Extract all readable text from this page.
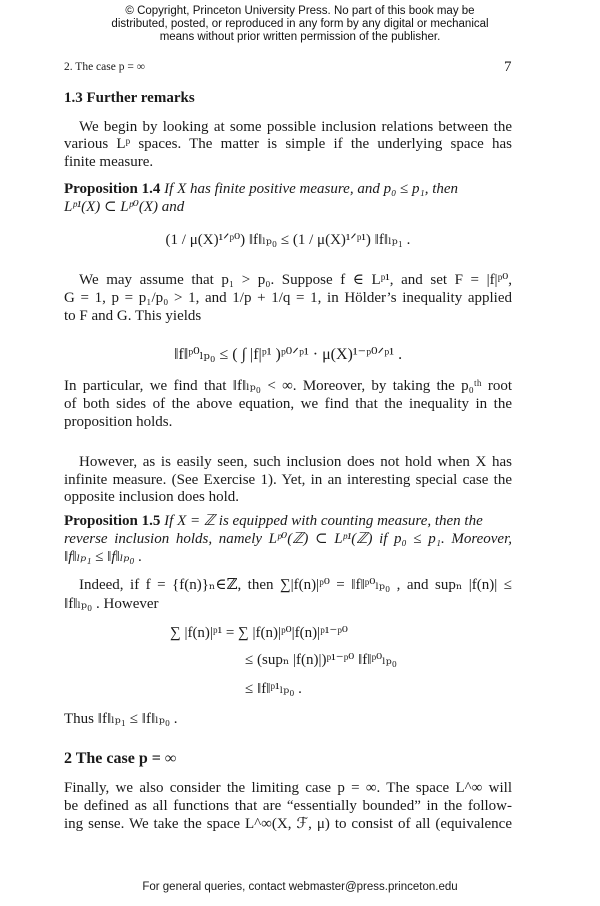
© Copyright, Princeton University Press. No part of this book may be
distributed, posted, or reproduced in any form by any digital or mechanical
means without prior written permission of the publisher.
2. The case p = ∞	7
1.3 Further remarks
We begin by looking at some possible inclusion relations between the
various Lᵖ spaces. The matter is simple if the underlying space has
finite measure.
Proposition 1.4 If X has finite positive measure, and p₀ ≤ p₁, then
Lᵖ¹(X) ⊂ Lᵖ⁰(X) and
(1 / μ(X)¹ᐟᵖ⁰) ‖f‖ₗₚ₀ ≤ (1 / μ(X)¹ᐟᵖ¹) ‖f‖ₗₚ₁ .
We may assume that p₁ > p₀. Suppose f ∈ Lᵖ¹, and set F = |f|ᵖ⁰,
G = 1, p = p₁/p₀ > 1, and 1/p + 1/q = 1, in Hölder’s inequality applied
to F and G. This yields
‖f‖ᵖ⁰ₗₚ₀ ≤ ( ∫ |f|ᵖ¹ )ᵖ⁰ᐟᵖ¹ · μ(X)¹⁻ᵖ⁰ᐟᵖ¹ .
In particular, we find that ‖f‖ₗₚ₀ < ∞. Moreover, by taking the p₀ᵗʰ root
of both sides of the above equation, we find that the inequality in the
proposition holds.
However, as is easily seen, such inclusion does not hold when X has
infinite measure. (See Exercise 1). Yet, in an interesting special case the
opposite inclusion does hold.
Proposition 1.5 If X = ℤ is equipped with counting measure, then the
reverse inclusion holds, namely Lᵖ⁰(ℤ) ⊂ Lᵖ¹(ℤ) if p₀ ≤ p₁. Moreover,
‖f‖ₗₚ₁ ≤ ‖f‖ₗₚ₀ .
Indeed, if f = {f(n)}ₙ∈ℤ, then ∑|f(n)|ᵖ⁰ = ‖f‖ᵖ⁰ₗₚ₀ , and supₙ |f(n)| ≤
‖f‖ₗₚ₀ . However
∑ |f(n)|ᵖ¹ = ∑ |f(n)|ᵖ⁰|f(n)|ᵖ¹⁻ᵖ⁰
≤ (supₙ |f(n)|)ᵖ¹⁻ᵖ⁰ ‖f‖ᵖ⁰ₗₚ₀
≤ ‖f‖ᵖ¹ₗₚ₀ .
Thus ‖f‖ₗₚ₁ ≤ ‖f‖ₗₚ₀ .
2 The case p = ∞
Finally, we also consider the limiting case p = ∞. The space L^∞ will
be defined as all functions that are “essentially bounded” in the follow-
ing sense. We take the space L^∞(X, ℱ, μ) to consist of all (equivalence
For general queries, contact webmaster@press.princeton.edu
